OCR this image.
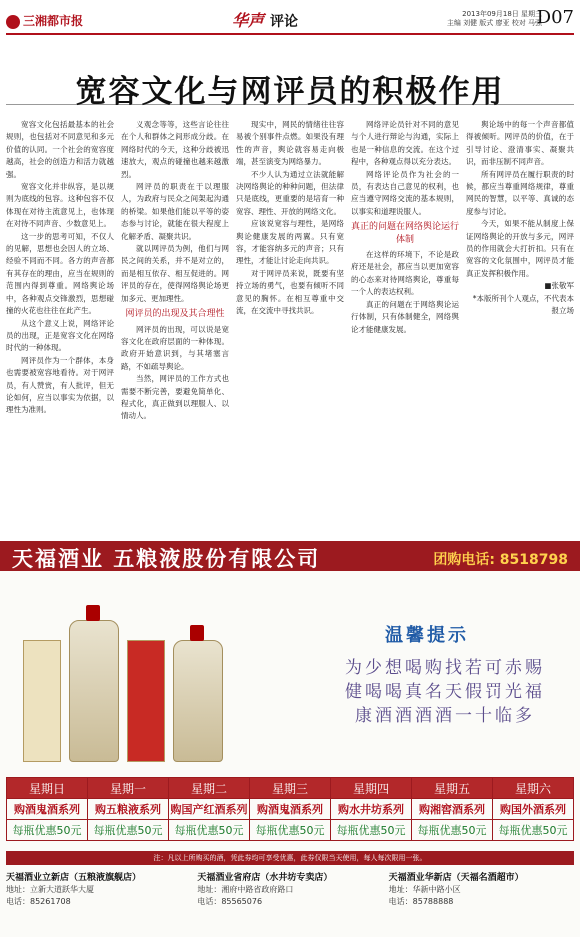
三湘都市报	华声 评论	2013年09月18日 星期三
主编 刘健 版式 廖亚 校对 马强
D07
宽容文化与网评员的积极作用

宽容文化包括最基本的社会规则，也包括对不同意见和多元价值的认同。一个社会的宽容度越高，社会的创造力和活力就越强。

宽容文化并非纵容，是以规则为底线的包容。这种包容不仅体现在对待主流意见上，也体现在对待不同声音、少数意见上。

这一步的思考可知，不仅人的见解，思想也会因人的立场、经验不同而不同。各方的声音都有其存在的理由，应当在规则的范围内得到尊重。网络舆论场中，各种观点交锋激烈，思想碰撞的火花也往往在此产生。

从这个意义上说，网络评论员的出现，正是宽容文化在网络时代的一种体现。

网评员作为一个群体，本身也需要被宽容地看待。对于网评员，有人赞赏，有人批评，但无论如何，应当以事实为依据，以理性为准则。

义观念等等，这些言论往往在个人和群体之间形成分歧。在网络时代的今天，这种分歧被迅速放大，观点的碰撞也越来越激烈。

网评员的职责在于以理服人，为政府与民众之间架起沟通的桥梁。如果他们能以平等的姿态参与讨论，就能在很大程度上化解矛盾、凝聚共识。

就以网评员为例，他们与网民之间的关系，并不是对立的，而是相互依存、相互促进的。网评员的存在，使得网络舆论场更加多元、更加理性。

网评员的出现及其合理性

网评员的出现，可以说是宽容文化在政府层面的一种体现。政府开始意识到，与其堵塞言路，不如疏导舆论。

当然，网评员的工作方式也需要不断完善，要避免简单化、程式化，真正做到以理服人、以情动人。

现实中，网民的情绪往往容易被个别事件点燃。如果没有理性的声音，舆论就容易走向极端，甚至演变为网络暴力。

不少人认为通过立法就能解决网络舆论的种种问题，但法律只是底线，更重要的是培育一种宽容、理性、开放的网络文化。

应该说宽容与理性，是网络舆论健康发展的两翼。只有宽容，才能容纳多元的声音；只有理性，才能让讨论走向共识。

对于网评员来说，既要有坚持立场的勇气，也要有倾听不同意见的胸怀。在相互尊重中交流，在交流中寻找共识。

网络评论员针对不同的意见与个人进行辩论与沟通，实际上也是一种信息的交流。在这个过程中，各种观点得以充分表达。

网络评论员作为社会的一员，有表达自己意见的权利，也应当遵守网络交流的基本规则，以事实和道理说服人。

真正的问题在网络舆论运行体制

在这样的环境下，不论是政府还是社会，都应当以更加宽容的心态来对待网络舆论，尊重每一个人的表达权利。

真正的问题在于网络舆论运行体制，只有体制健全，网络舆论才能健康发展。

舆论场中的每一个声音都值得被倾听。网评员的价值，在于引导讨论、澄清事实、凝聚共识，而非压制不同声音。

所有网评员在履行职责的时候，都应当尊重网络规律，尊重网民的智慧，以平等、真诚的态度参与讨论。

今天，如果不能从制度上保证网络舆论的开放与多元，网评员的作用就会大打折扣。只有在宽容的文化氛围中，网评员才能真正发挥积极作用。

■张敬军

*本版所刊个人观点，不代表本报立场

天福酒业 五粮液股份有限公司	团购电话: 8518798
温馨提示
为少想喝购找若可赤赐
健喝喝真名天假罚光福
康酒酒酒酒一十临多
星期日	星期一	星期二	星期三	星期四	星期五	星期六
购酒鬼酒系列	购五粮液系列	购国产红酒系列	购酒鬼酒系列	购水井坊系列	购湘窖酒系列	购国外酒系列
每瓶优惠50元	每瓶优惠50元	每瓶优惠50元	每瓶优惠50元	每瓶优惠50元	每瓶优惠50元	每瓶优惠50元
注：凡以上所购买的酒，凭此券均可享受优惠，此券仅限当天使用，每人每次限用一张。
天福酒业立新店（五粮液旗舰店）
地址：立新大道跃华大厦
电话：85261708
天福酒业省府店（水井坊专卖店）
地址：湘府中路省政府路口
电话：85565076
天福酒业华新店（天福名酒超市）
地址：华新中路小区
电话：85788888
